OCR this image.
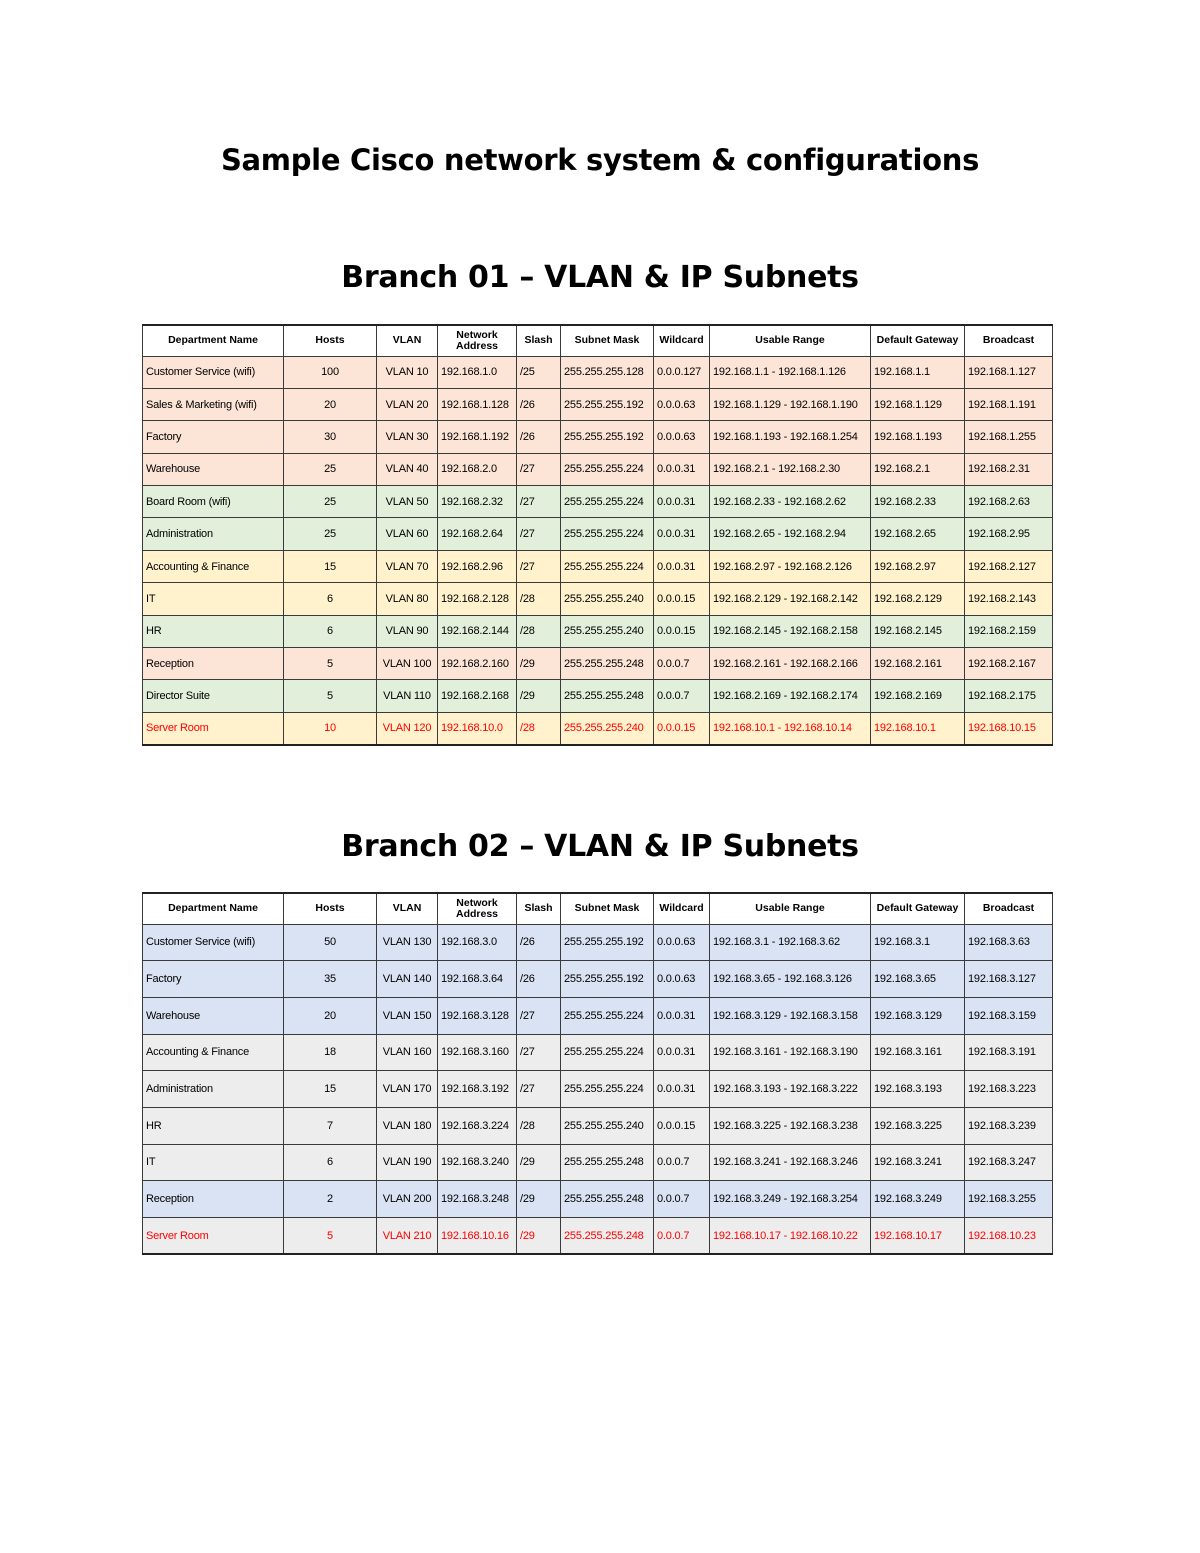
Sample Cisco network system & configurations
Branch 01 – VLAN & IP Subnets
Department Name	Hosts	VLAN	Network Address	Slash	Subnet Mask	Wildcard	Usable Range	Default Gateway	Broadcast
Customer Service (wifi)	100	VLAN 10	192.168.1.0	/25	255.255.255.128	0.0.0.127	192.168.1.1 - 192.168.1.126	192.168.1.1	192.168.1.127
Sales & Marketing (wifi)	20	VLAN 20	192.168.1.128	/26	255.255.255.192	0.0.0.63	192.168.1.129 - 192.168.1.190	192.168.1.129	192.168.1.191
Factory	30	VLAN 30	192.168.1.192	/26	255.255.255.192	0.0.0.63	192.168.1.193 - 192.168.1.254	192.168.1.193	192.168.1.255
Warehouse	25	VLAN 40	192.168.2.0	/27	255.255.255.224	0.0.0.31	192.168.2.1 - 192.168.2.30	192.168.2.1	192.168.2.31
Board Room (wifi)	25	VLAN 50	192.168.2.32	/27	255.255.255.224	0.0.0.31	192.168.2.33 - 192.168.2.62	192.168.2.33	192.168.2.63
Administration	25	VLAN 60	192.168.2.64	/27	255.255.255.224	0.0.0.31	192.168.2.65 - 192.168.2.94	192.168.2.65	192.168.2.95
Accounting & Finance	15	VLAN 70	192.168.2.96	/27	255.255.255.224	0.0.0.31	192.168.2.97 - 192.168.2.126	192.168.2.97	192.168.2.127
IT	6	VLAN 80	192.168.2.128	/28	255.255.255.240	0.0.0.15	192.168.2.129 - 192.168.2.142	192.168.2.129	192.168.2.143
HR	6	VLAN 90	192.168.2.144	/28	255.255.255.240	0.0.0.15	192.168.2.145 - 192.168.2.158	192.168.2.145	192.168.2.159
Reception	5	VLAN 100	192.168.2.160	/29	255.255.255.248	0.0.0.7	192.168.2.161 - 192.168.2.166	192.168.2.161	192.168.2.167
Director Suite	5	VLAN 110	192.168.2.168	/29	255.255.255.248	0.0.0.7	192.168.2.169 - 192.168.2.174	192.168.2.169	192.168.2.175
Server Room	10	VLAN 120	192.168.10.0	/28	255.255.255.240	0.0.0.15	192.168.10.1 - 192.168.10.14	192.168.10.1	192.168.10.15
Branch 02 – VLAN & IP Subnets
Department Name	Hosts	VLAN	Network Address	Slash	Subnet Mask	Wildcard	Usable Range	Default Gateway	Broadcast
Customer Service (wifi)	50	VLAN 130	192.168.3.0	/26	255.255.255.192	0.0.0.63	192.168.3.1 - 192.168.3.62	192.168.3.1	192.168.3.63
Factory	35	VLAN 140	192.168.3.64	/26	255.255.255.192	0.0.0.63	192.168.3.65 - 192.168.3.126	192.168.3.65	192.168.3.127
Warehouse	20	VLAN 150	192.168.3.128	/27	255.255.255.224	0.0.0.31	192.168.3.129 - 192.168.3.158	192.168.3.129	192.168.3.159
Accounting & Finance	18	VLAN 160	192.168.3.160	/27	255.255.255.224	0.0.0.31	192.168.3.161 - 192.168.3.190	192.168.3.161	192.168.3.191
Administration	15	VLAN 170	192.168.3.192	/27	255.255.255.224	0.0.0.31	192.168.3.193 - 192.168.3.222	192.168.3.193	192.168.3.223
HR	7	VLAN 180	192.168.3.224	/28	255.255.255.240	0.0.0.15	192.168.3.225 - 192.168.3.238	192.168.3.225	192.168.3.239
IT	6	VLAN 190	192.168.3.240	/29	255.255.255.248	0.0.0.7	192.168.3.241 - 192.168.3.246	192.168.3.241	192.168.3.247
Reception	2	VLAN 200	192.168.3.248	/29	255.255.255.248	0.0.0.7	192.168.3.249 - 192.168.3.254	192.168.3.249	192.168.3.255
Server Room	5	VLAN 210	192.168.10.16	/29	255.255.255.248	0.0.0.7	192.168.10.17 - 192.168.10.22	192.168.10.17	192.168.10.23
